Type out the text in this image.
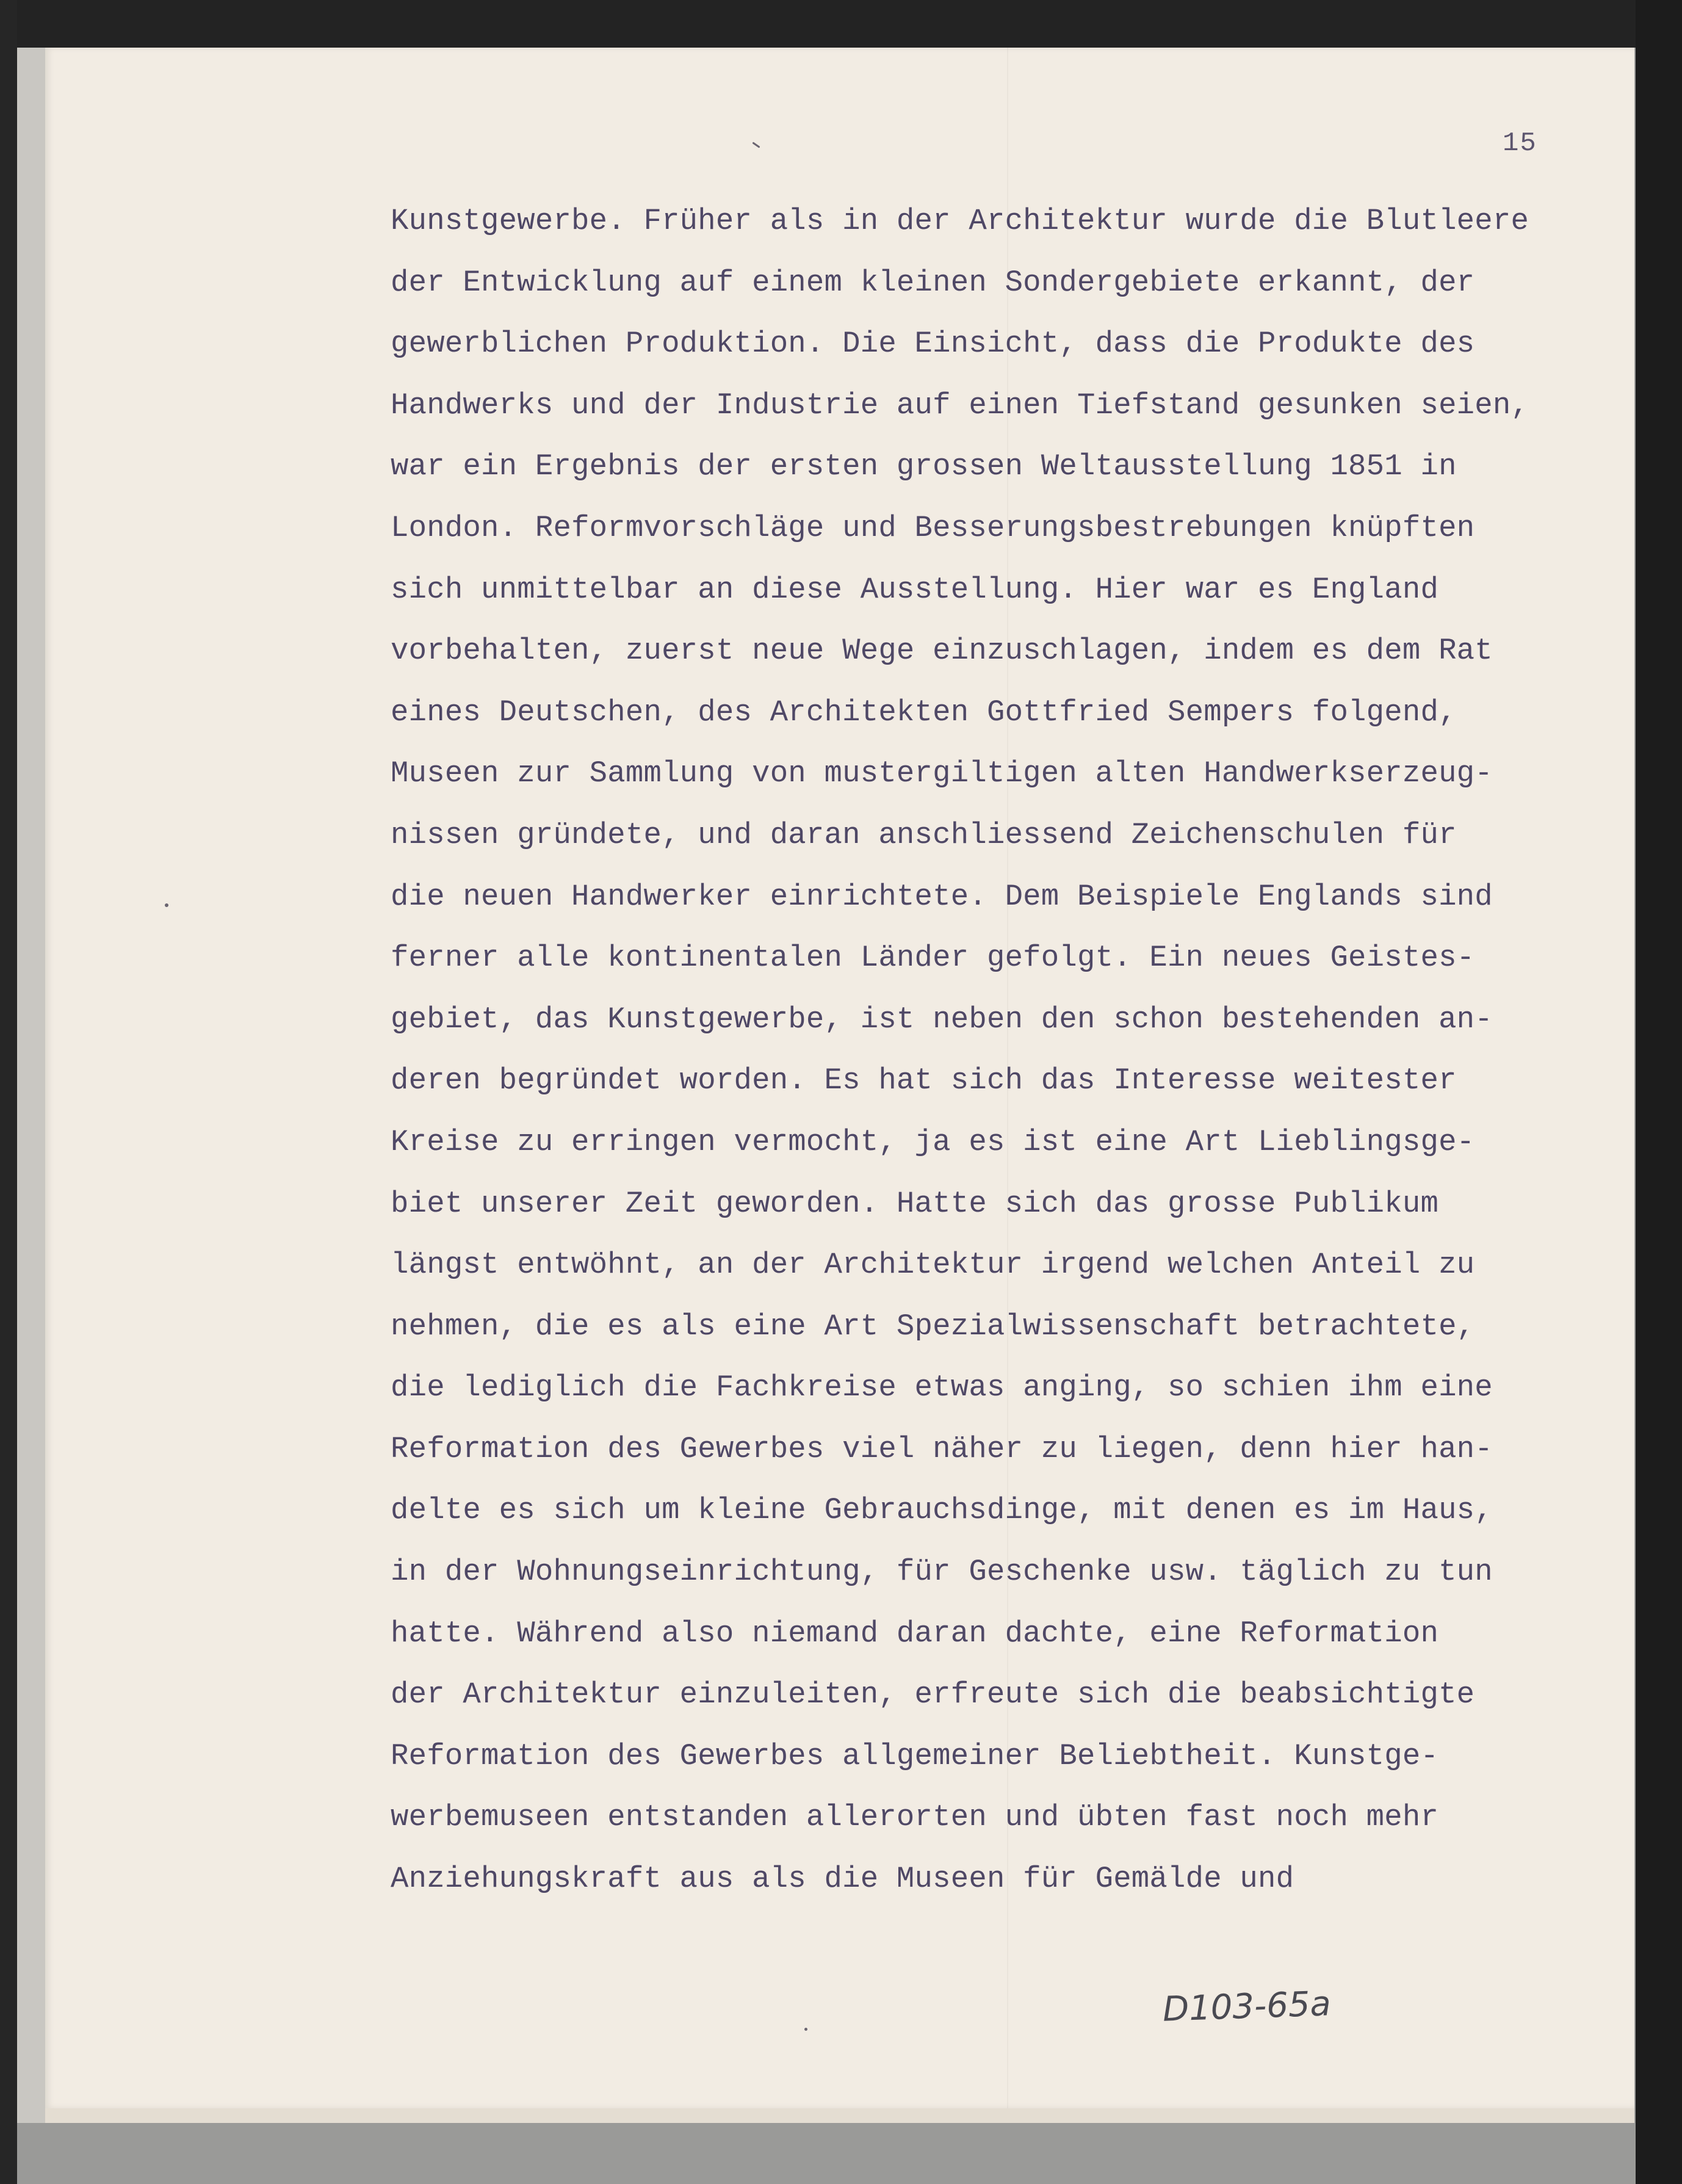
15
Kunstgewerbe. Früher als in der Architektur wurde die Blutleere
der Entwicklung auf einem kleinen Sondergebiete erkannt, der
gewerblichen Produktion. Die Einsicht, dass die Produkte des
Handwerks und der Industrie auf einen Tiefstand gesunken seien,
war ein Ergebnis der ersten grossen Weltausstellung 1851 in
London. Reformvorschläge und Besserungsbestrebungen knüpften
sich unmittelbar an diese Ausstellung. Hier war es England
vorbehalten, zuerst neue Wege einzuschlagen, indem es dem Rat
eines Deutschen, des Architekten Gottfried Sempers folgend,
Museen zur Sammlung von mustergiltigen alten Handwerkserzeug-
nissen gründete, und daran anschliessend Zeichenschulen für
die neuen Handwerker einrichtete. Dem Beispiele Englands sind
ferner alle kontinentalen Länder gefolgt. Ein neues Geistes-
gebiet, das Kunstgewerbe, ist neben den schon bestehenden an-
deren begründet worden. Es hat sich das Interesse weitester
Kreise zu erringen vermocht, ja es ist eine Art Lieblingsge-
biet unserer Zeit geworden. Hatte sich das grosse Publikum
längst entwöhnt, an der Architektur irgend welchen Anteil zu
nehmen, die es als eine Art Spezialwissenschaft betrachtete,
die lediglich die Fachkreise etwas anging, so schien ihm eine
Reformation des Gewerbes viel näher zu liegen, denn hier han-
delte es sich um kleine Gebrauchsdinge, mit denen es im Haus,
in der Wohnungseinrichtung, für Geschenke usw. täglich zu tun
hatte. Während also niemand daran dachte, eine Reformation
der Architektur einzuleiten, erfreute sich die beabsichtigte
Reformation des Gewerbes allgemeiner Beliebtheit. Kunstge-
werbemuseen entstanden allerorten und übten fast noch mehr
Anziehungskraft aus als die Museen für Gemälde und
D103-65a
